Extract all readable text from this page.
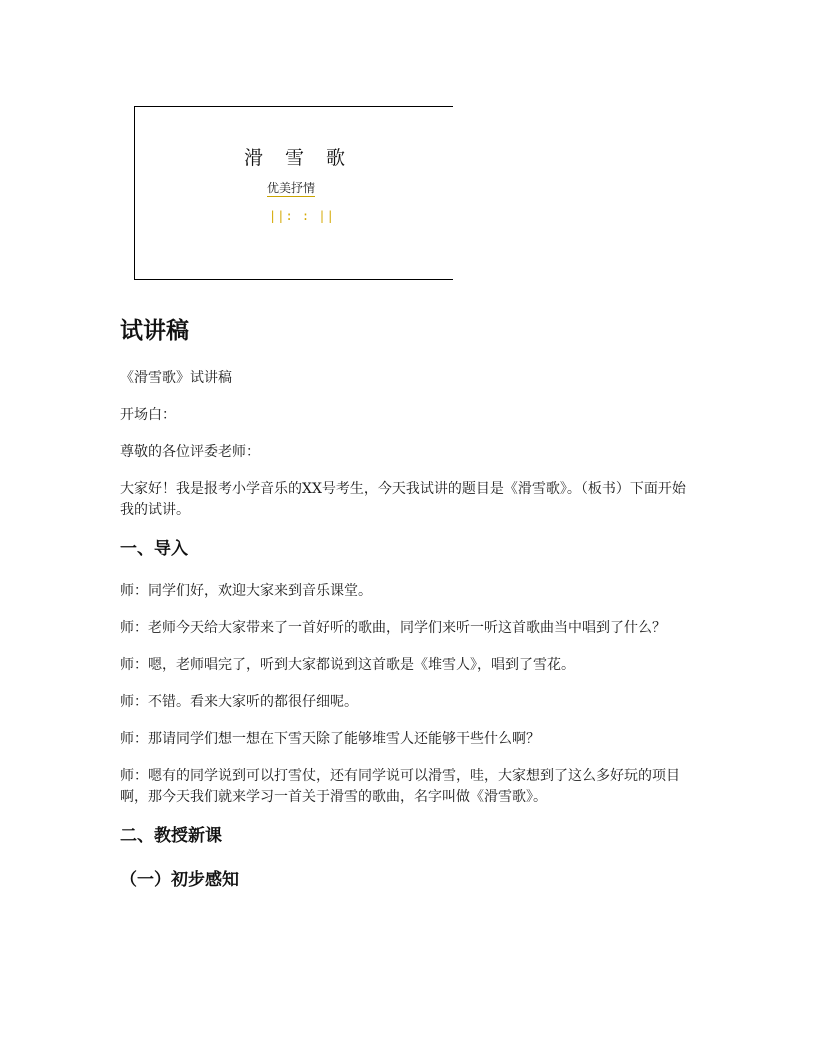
滑 雪 歌
优美抒情
||: : ||
试讲稿

《滑雪歌》试讲稿

开场白：

尊敬的各位评委老师：

大家好！我是报考小学音乐的XX号考生，今天我试讲的题目是《滑雪歌》。（板书）下面开始我的试讲。

一、导入

师：同学们好，欢迎大家来到音乐课堂。

师：老师今天给大家带来了一首好听的歌曲，同学们来听一听这首歌曲当中唱到了什么？

师：嗯，老师唱完了，听到大家都说到这首歌是《堆雪人》，唱到了雪花。

师：不错。看来大家听的都很仔细呢。

师：那请同学们想一想在下雪天除了能够堆雪人还能够干些什么啊？

师：嗯有的同学说到可以打雪仗，还有同学说可以滑雪，哇，大家想到了这么多好玩的项目啊，那今天我们就来学习一首关于滑雪的歌曲，名字叫做《滑雪歌》。

二、教授新课
（一）初步感知
